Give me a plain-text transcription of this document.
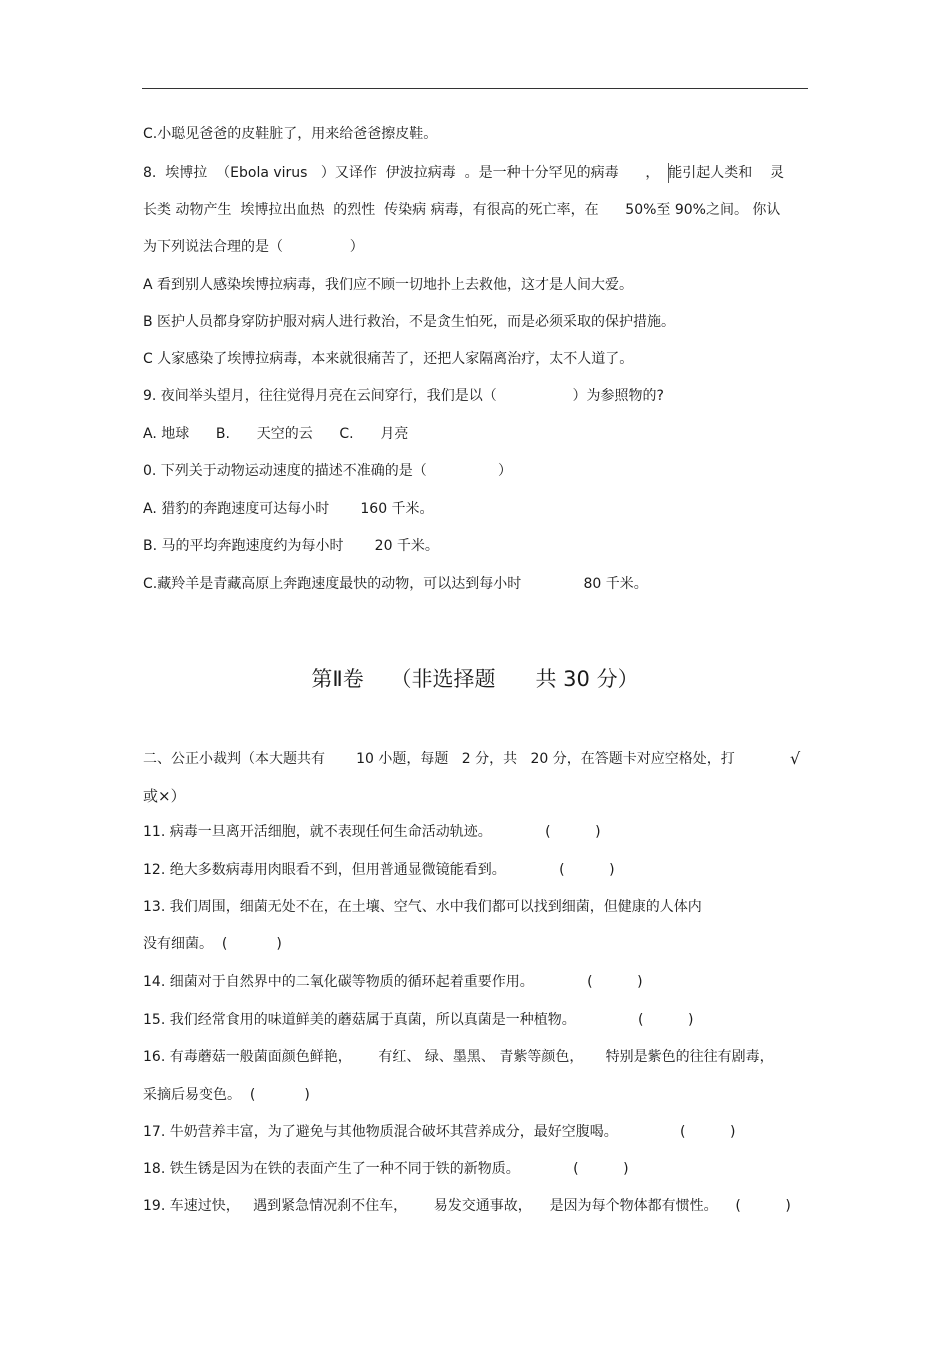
C.小聪见爸爸的皮鞋脏了，用来给爸爸擦皮鞋。
8.  埃博拉  （Ebola virus   ）又译作  伊波拉病毒  。是一种十分罕见的病毒      ，  能引起人类和    灵
长类 动物产生  埃博拉出血热  的烈性  传染病 病毒，有很高的死亡率，在      50%至 90%之间。 你认
为下列说法合理的是（               ）
A 看到别人感染埃博拉病毒，我们应不顾一切地扑上去救他，这才是人间大爱。
B 医护人员都身穿防护服对病人进行救治，不是贪生怕死，而是必须采取的保护措施。
C 人家感染了埃博拉病毒，本来就很痛苦了，还把人家隔离治疗，太不人道了。
9. 夜间举头望月，往往觉得月亮在云间穿行，我们是以（                 ）为参照物的?
A. 地球      B.      天空的云      C.      月亮
0. 下列关于动物运动速度的描述不准确的是（                ）
A. 猎豹的奔跑速度可达每小时       160 千米。
B. 马的平均奔跑速度约为每小时       20 千米。
C.藏羚羊是青藏高原上奔跑速度最快的动物，可以达到每小时              80 千米。
第Ⅱ卷    （非选择题      共 30 分）
二、公正小裁判（本大题共有       10 小题，每题   2 分，共   20 分，在答题卡对应空格处，打	√
或×）
11. 病毒一旦离开活细胞，就不表现任何生命活动轨迹。            (          )
12. 绝大多数病毒用肉眼看不到，但用普通显微镜能看到。            (          )
13. 我们周围，细菌无处不在，在土壤、空气、水中我们都可以找到细菌，但健康的人体内
没有细菌。  (           )
14. 细菌对于自然界中的二氧化碳等物质的循环起着重要作用。            (          )
15. 我们经常食用的味道鲜美的蘑菇属于真菌，所以真菌是一种植物。              (          )
16. 有毒蘑菇一般菌面颜色鲜艳，      有红、 绿、墨黑、 青紫等颜色，     特别是紫色的往往有剧毒，
采摘后易变色。  (           )
17. 牛奶营养丰富，为了避免与其他物质混合破坏其营养成分，最好空腹喝。              (          )
18. 铁生锈是因为在铁的表面产生了一种不同于铁的新物质。            (          )
19. 车速过快，   遇到紧急情况刹不住车，      易发交通事故，    是因为每个物体都有惯性。    (          )
